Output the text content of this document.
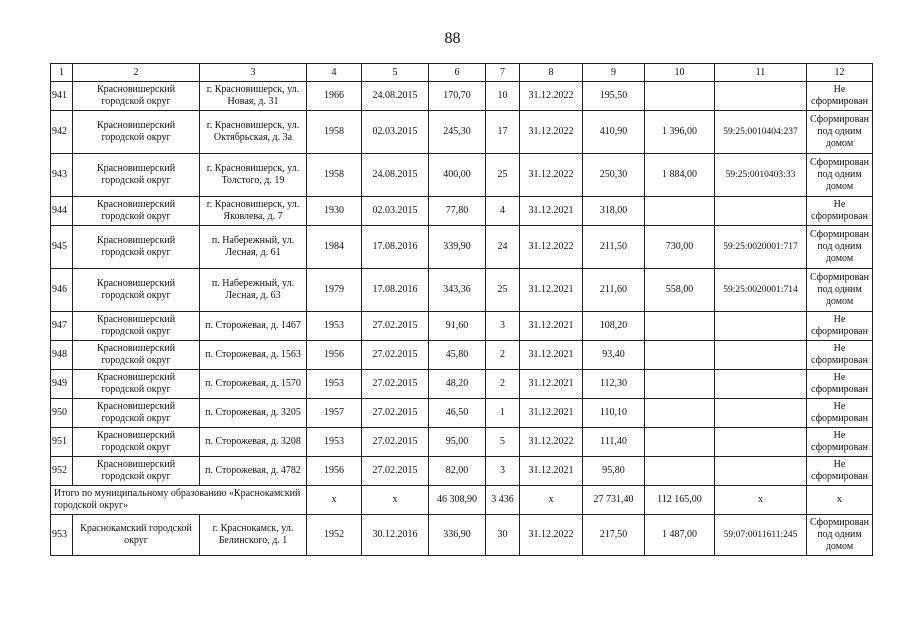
88
1	2	3	4	5	6	7	8	9	10	11	12
941	Красновишерский городской округ	г. Красновишерск, ул. Новая, д. 31	1966	24.08.2015	170,70	10	31.12.2022	195,50			Не сформирован
942	Красновишерский городской округ	г. Красновишерск, ул. Октябрьская, д. 3а	1958	02.03.2015	245,30	17	31.12.2022	410,90	1 396,00	59:25:0010404:237	Сформирован под одним домом
943	Красновишерский городской округ	г. Красновишерск, ул. Толстого, д. 19	1958	24.08.2015	400,00	25	31.12.2022	250,30	1 884,00	59:25:0010403:33	Сформирован под одним домом
944	Красновишерский городской округ	г. Красновишерск, ул. Яковлева, д. 7	1930	02.03.2015	77,80	4	31.12.2021	318,00			Не сформирован
945	Красновишерский городской округ	п. Набережный, ул. Лесная, д. 61	1984	17.08.2016	339,90	24	31.12.2022	211,50	730,00	59:25:0020001:717	Сформирован под одним домом
946	Красновишерский городской округ	п. Набережный, ул. Лесная, д. 63	1979	17.08.2016	343,36	25	31.12.2021	211,60	558,00	59:25:0020001:714	Сформирован под одним домом
947	Красновишерский городской округ	п. Сторожевая, д. 1467	1953	27.02.2015	91,60	3	31.12.2021	108,20			Не сформирован
948	Красновишерский городской округ	п. Сторожевая, д. 1563	1956	27.02.2015	45,80	2	31.12.2021	93,40			Не сформирован
949	Красновишерский городской округ	п. Сторожевая, д. 1570	1953	27.02.2015	48,20	2	31.12.2021	112,30			Не сформирован
950	Красновишерский городской округ	п. Сторожевая, д. 3205	1957	27.02.2015	46,50	1	31.12.2021	110,10			Не сформирован
951	Красновишерский городской округ	п. Сторожевая, д. 3208	1953	27.02.2015	95,00	5	31.12.2022	111,40			Не сформирован
952	Красновишерский городской округ	п. Сторожевая, д. 4782	1956	27.02.2015	82,00	3	31.12.2021	95,80			Не сформирован
Итого по муниципальному образованию «Краснокамский городской округ»			х	х	46 308,90	3 436	х	27 731,40	112 165,00	х	х
953	Краснокамский городской округ	г. Краснокамск, ул. Белинского, д. 1	1952	30.12.2016	336,90	30	31.12.2022	217,50	1 487,00	59:07:0011611:245	Сформирован под одним домом
